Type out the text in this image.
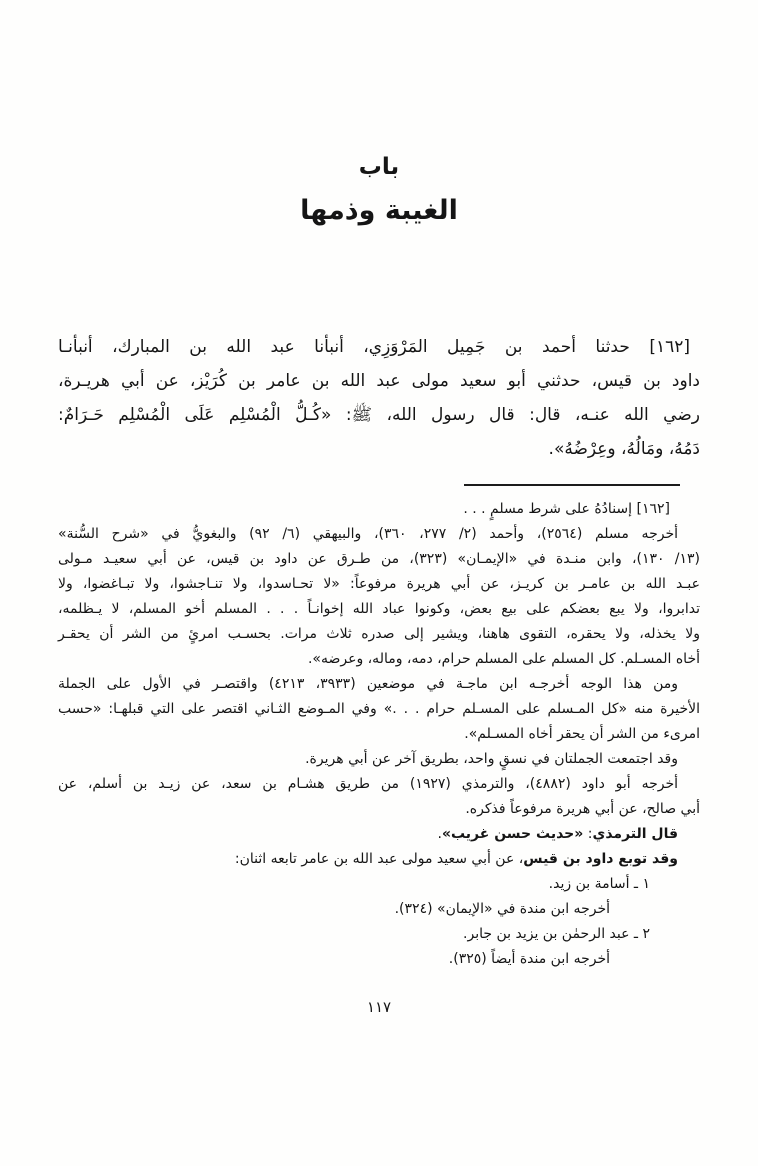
باب
الغيبة وذمها
[١٦٢] حدثنا أحمد بن جَمِيل المَرْوَزِي، أنبأنا عبد الله بن المبارك، أنبأنـا
داود بن قيس، حدثني أبو سعيد مولى عبد الله بن عامر بن كُرَيْز، عن أبي هريـرة،
رضي الله عنـه، قال: قال رسول الله، ﷺ: «كُـلُّ الْمُسْلِم عَلَى الْمُسْلِم حَـرَامٌ:
دَمُهُ، ومَالُهُ، وعِرْضُهُ».
[١٦٢] إسنادُهُ على شرط مسلمٍ . . .
أخرجه مسلم (٢٥٦٤)، وأحمد (٢/ ٢٧٧، ٣٦٠)، والبيهقي (٦/ ٩٢) والبغويُّ في «شرح السُّنة»
(١٣/ ١٣٠)، وابن منـدة في «الإيمـان» (٣٢٣)، من طـرق عن داود بن قيس، عن أبي سعيـد مـولى
عبـد الله بن عامـر بن كريـز، عن أبي هريرة مرفوعاً: «لا تحـاسدوا، ولا تنـاجشوا، ولا تبـاغضوا، ولا
تدابروا، ولا يبع بعضكم على بيع بعض، وكونوا عباد الله إخوانـاً . . . المسلم أخو المسلم، لا يـظلمه،
ولا يخذله، ولا يحقره، التقوى هاهنا، ويشير إلى صدره ثلاث مرات. بحسـب امرئٍ من الشر أن يحقـر
أخاه المسـلم. كل المسلم على المسلم حرام، دمه، وماله، وعرضه».
ومن هذا الوجه أخرجـه ابن ماجـة في موضعين (٣٩٣٣، ٤٢١٣) واقتصـر في الأول على الجملة
الأخيرة منه «كل المـسلم على المسـلم حرام . . .» وفي المـوضع الثـاني اقتصر على التي قبلهـا: «حسب
امرىء من الشر أن يحقر أخاه المسـلم».
وقد اجتمعت الجملتان في نسقٍ واحد، بطريق آخر عن أبي هريرة.
أخرجه أبو داود (٤٨٨٢)، والترمذي (١٩٢٧) من طريق هشـام بن سعد، عن زيـد بن أسلم، عن
أبي صالح، عن أبي هريرة مرفوعاً فذكره.
قال الترمذي: «حديث حسن غريب».
وقد توبع داود بن قيس، عن أبي سعيد مولى عبد الله بن عامر تابعه اثنان:
١ ـ أسامة بن زيد.
أخرجه ابن مندة في «الإيمان» (٣٢٤).
٢ ـ عبد الرحمٰن بن يزيد بن جابر.
أخرجه ابن مندة أيضاً (٣٢٥).
١١٧
